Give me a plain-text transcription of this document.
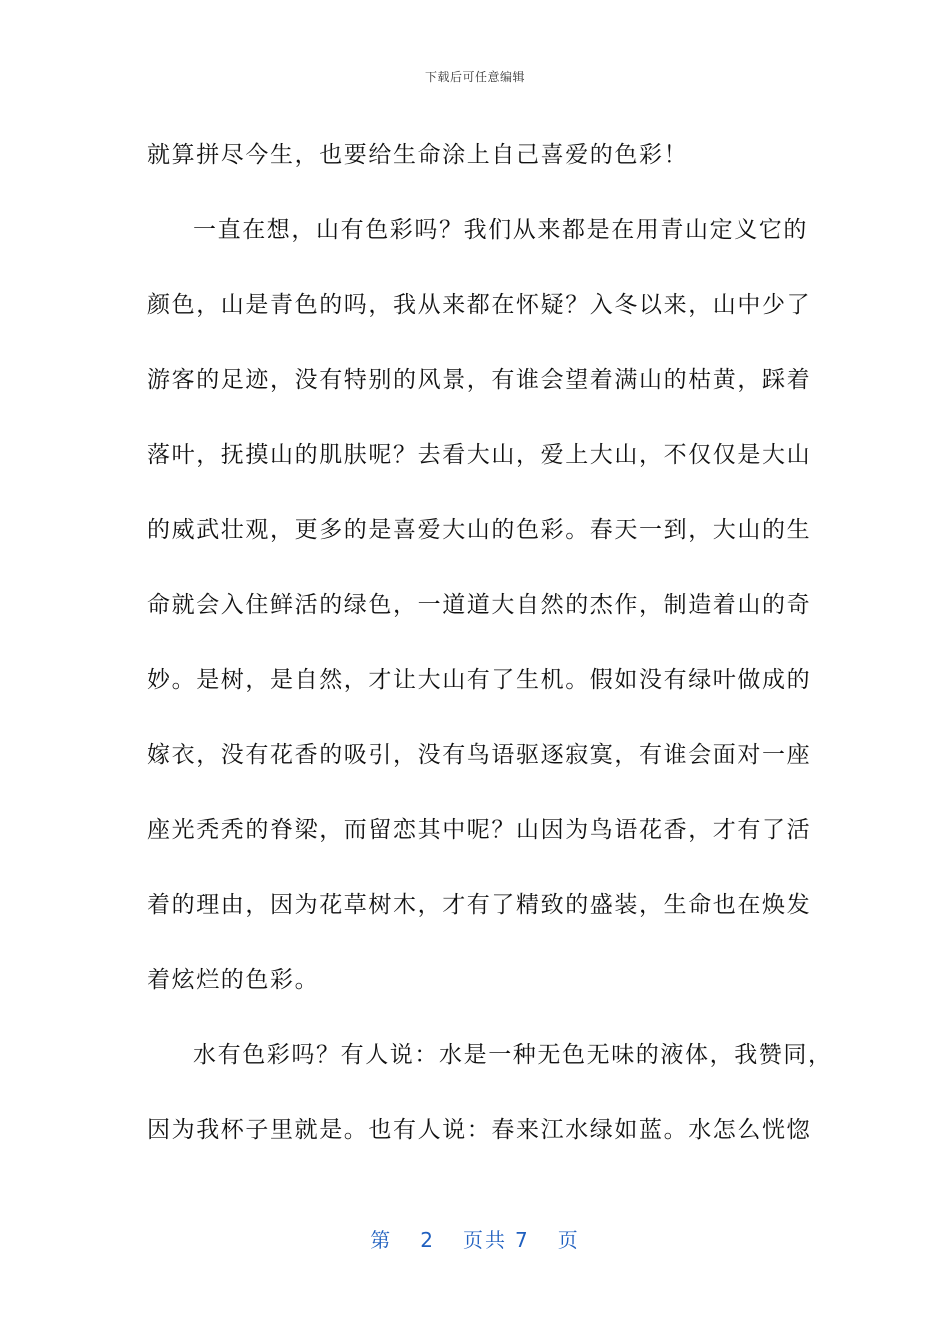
下载后可任意编辑
就算拼尽今生，也要给生命涂上自己喜爱的色彩！
一直在想，山有色彩吗？我们从来都是在用青山定义它的
颜色，山是青色的吗，我从来都在怀疑？入冬以来，山中少了
游客的足迹，没有特别的风景，有谁会望着满山的枯黄，踩着
落叶，抚摸山的肌肤呢？去看大山，爱上大山，不仅仅是大山
的威武壮观，更多的是喜爱大山的色彩。春天一到，大山的生
命就会入住鲜活的绿色，一道道大自然的杰作，制造着山的奇
妙。是树，是自然，才让大山有了生机。假如没有绿叶做成的
嫁衣，没有花香的吸引，没有鸟语驱逐寂寞，有谁会面对一座
座光秃秃的脊梁，而留恋其中呢？山因为鸟语花香，才有了活
着的理由，因为花草树木，才有了精致的盛装，生命也在焕发
着炫烂的色彩。
水有色彩吗？有人说：水是一种无色无味的液体，我赞同，
因为我杯子里就是。也有人说：春来江水绿如蓝。水怎么恍惚
第 2 页共 7 页
